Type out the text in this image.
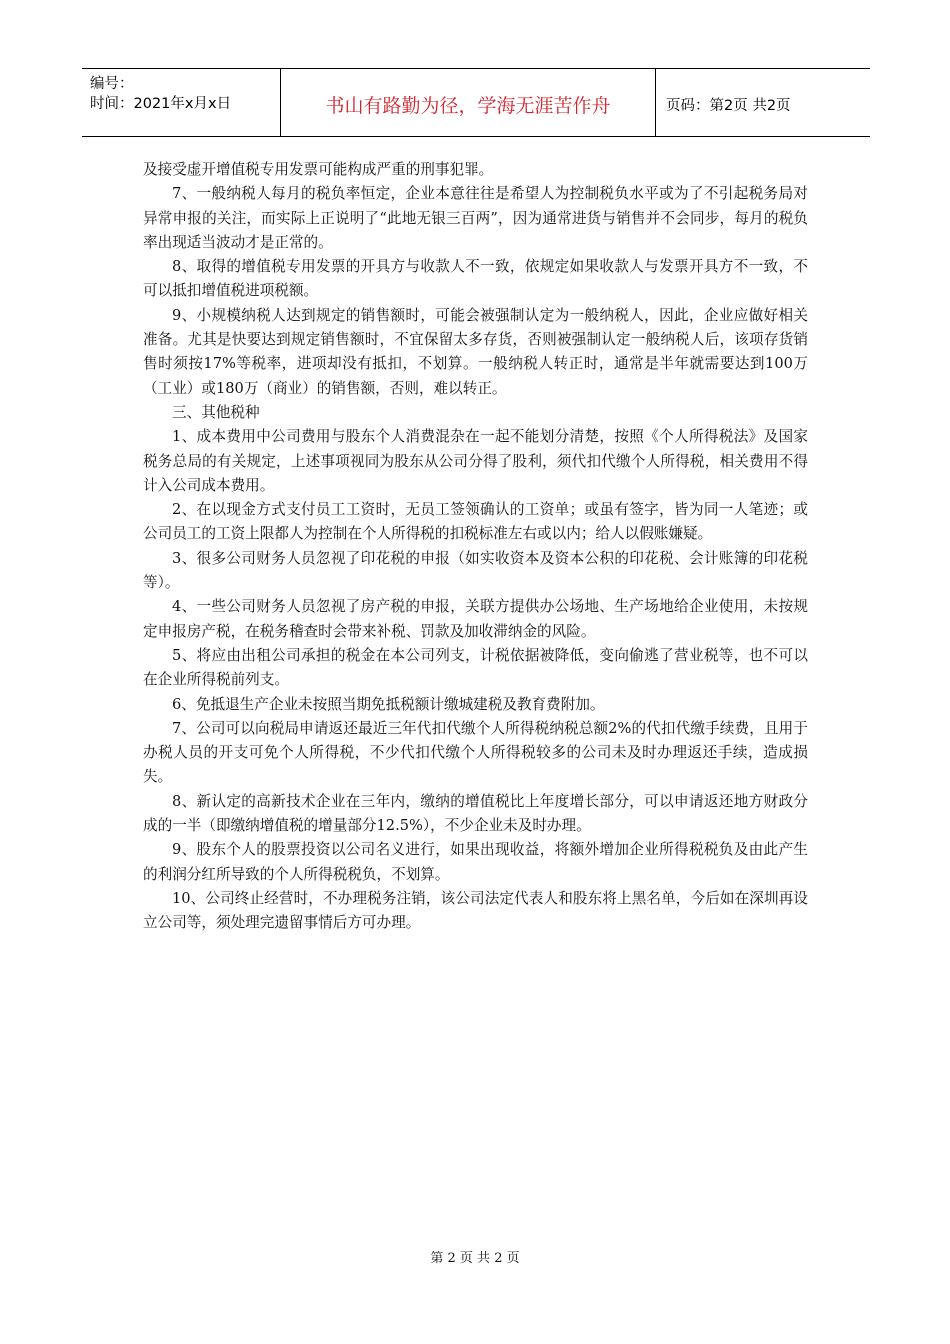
编号：
时间：2021年x月x日	书山有路勤为径，学海无涯苦作舟	页码：第2页 共2页

及接受虚开增值税专用发票可能构成严重的刑事犯罪。

7、一般纳税人每月的税负率恒定，企业本意往往是希望人为控制税负水平或为了不引起税务局对异常申报的关注，而实际上正说明了“此地无银三百两”，因为通常进货与销售并不会同步，每月的税负率出现适当波动才是正常的。

8、取得的增值税专用发票的开具方与收款人不一致，依规定如果收款人与发票开具方不一致，不可以抵扣增值税进项税额。

9、小规模纳税人达到规定的销售额时，可能会被强制认定为一般纳税人，因此，企业应做好相关准备。尤其是快要达到规定销售额时，不宜保留太多存货，否则被强制认定一般纳税人后，该项存货销售时须按17%等税率，进项却没有抵扣，不划算。一般纳税人转正时，通常是半年就需要达到100万（工业）或180万（商业）的销售额，否则，难以转正。

三、其他税种

1、成本费用中公司费用与股东个人消费混杂在一起不能划分清楚，按照《个人所得税法》及国家税务总局的有关规定，上述事项视同为股东从公司分得了股利，须代扣代缴个人所得税，相关费用不得计入公司成本费用。

2、在以现金方式支付员工工资时，无员工签领确认的工资单；或虽有签字，皆为同一人笔迹；或公司员工的工资上限都人为控制在个人所得税的扣税标准左右或以内；给人以假账嫌疑。

3、很多公司财务人员忽视了印花税的申报（如实收资本及资本公积的印花税、会计账簿的印花税等）。

4、一些公司财务人员忽视了房产税的申报，关联方提供办公场地、生产场地给企业使用，未按规定申报房产税，在税务稽查时会带来补税、罚款及加收滞纳金的风险。

5、将应由出租公司承担的税金在本公司列支，计税依据被降低，变向偷逃了营业税等，也不可以在企业所得税前列支。

6、免抵退生产企业未按照当期免抵税额计缴城建税及教育费附加。

7、公司可以向税局申请返还最近三年代扣代缴个人所得税纳税总额2%的代扣代缴手续费，且用于办税人员的开支可免个人所得税，不少代扣代缴个人所得税较多的公司未及时办理返还手续，造成损失。

8、新认定的高新技术企业在三年内，缴纳的增值税比上年度增长部分，可以申请返还地方财政分成的一半（即缴纳增值税的增量部分12.5%），不少企业未及时办理。

9、股东个人的股票投资以公司名义进行，如果出现收益，将额外增加企业所得税税负及由此产生的利润分红所导致的个人所得税税负，不划算。

10、公司终止经营时，不办理税务注销，该公司法定代表人和股东将上黑名单，今后如在深圳再设立公司等，须处理完遗留事情后方可办理。

第 2 页 共 2 页
